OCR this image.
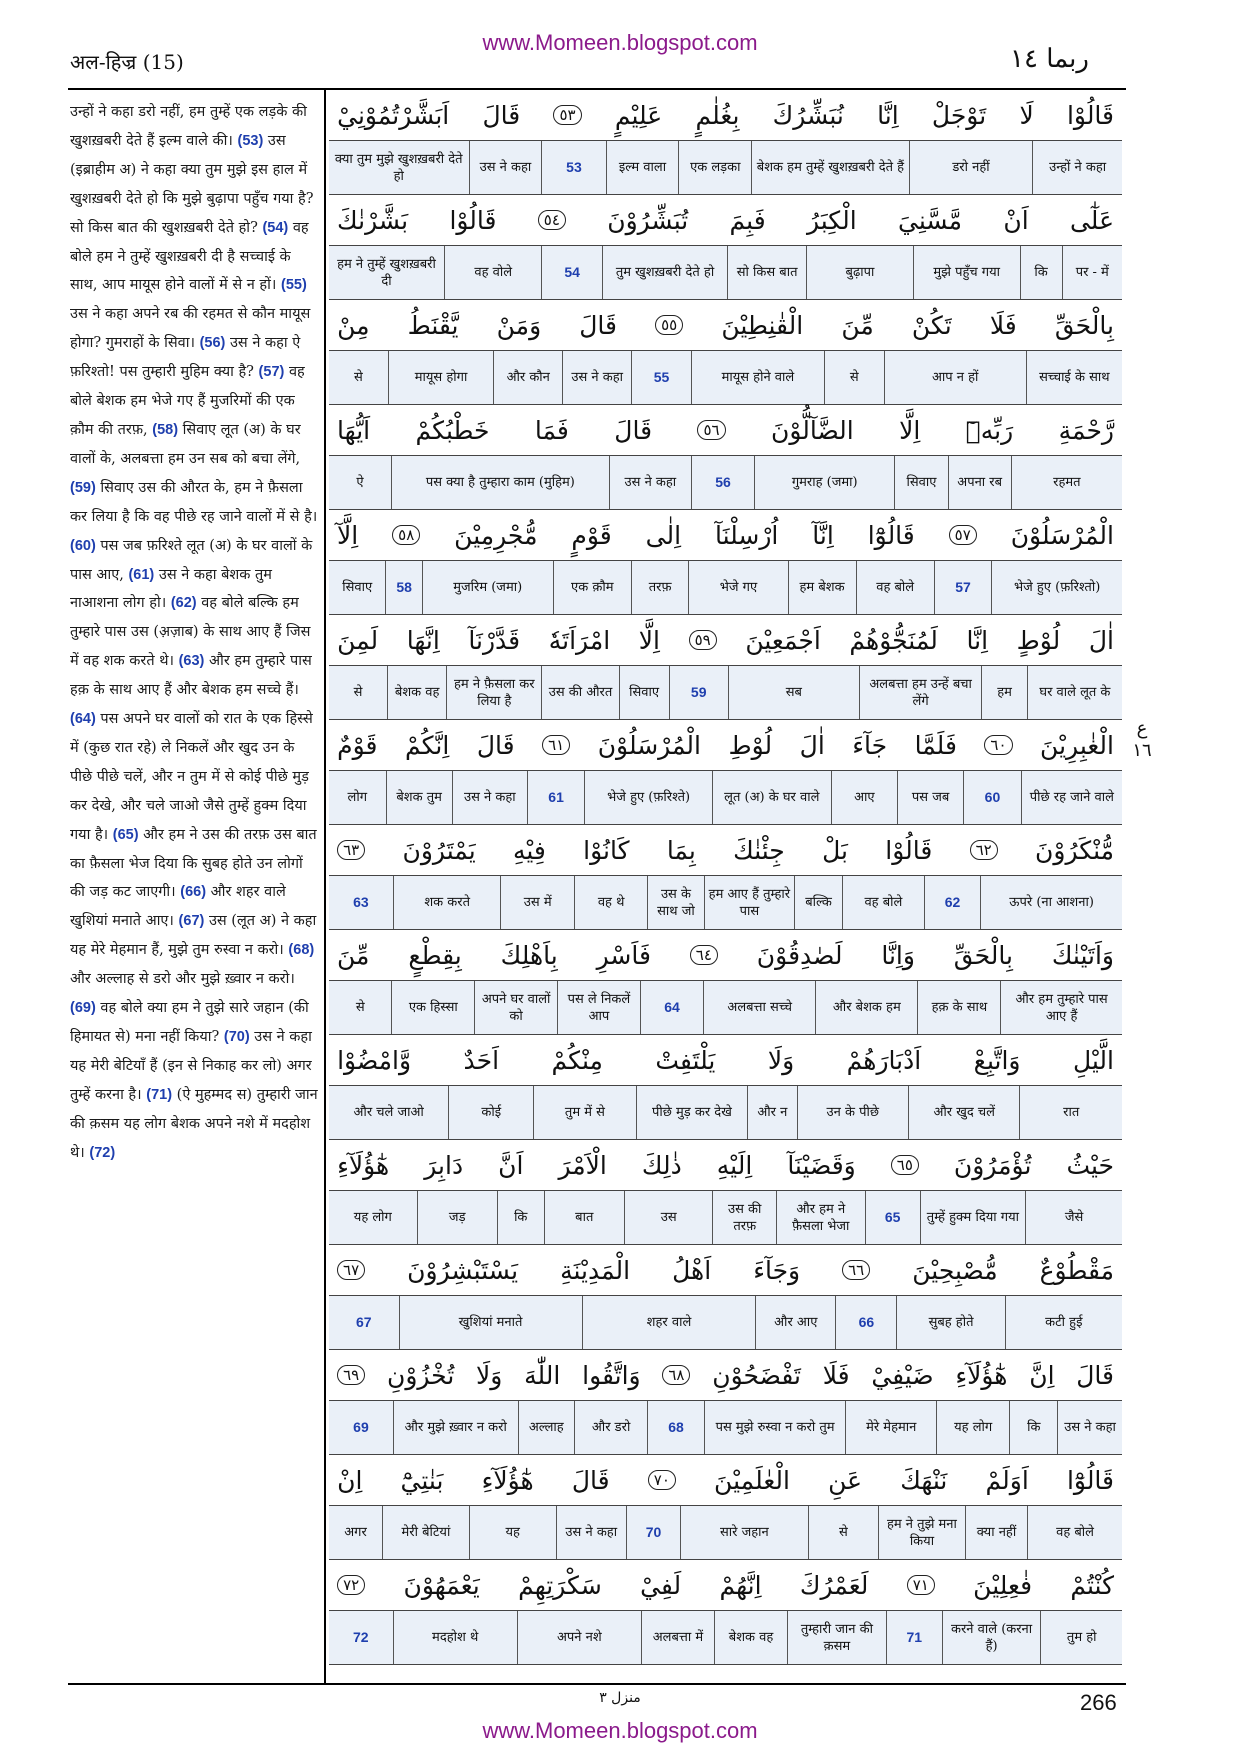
www.Momeen.blogspot.com
अल-हिज्र (15)	ربما ١٤
उन्हों ने कहा डरो नहीं, हम तुम्हें एक लड़के की खुशख़बरी देते हैं इल्म वाले की। (53) उस (इब्राहीम अ) ने कहा क्या तुम मुझे इस हाल में खुशख़बरी देते हो कि मुझे बुढ़ापा पहुँच गया है? सो किस बात की खुशख़बरी देते हो? (54) वह बोले हम ने तुम्हें खुशख़बरी दी है सच्चाई के साथ, आप मायूस होने वालों में से न हों। (55) उस ने कहा अपने रब की रहमत से कौन मायूस होगा? गुमराहों के सिवा। (56) उस ने कहा ऐ फ़रिश्तो! पस तुम्हारी मुहिम क्या है? (57) वह बोले बेशक हम भेजे गए हैं मुजरिमों की एक क़ौम की तरफ़, (58) सिवाए लूत (अ) के घर वालों के, अलबत्ता हम उन सब को बचा लेंगे, (59) सिवाए उस की औरत के, हम ने फ़ैसला कर लिया है कि वह पीछे रह जाने वालों में से है। (60) पस जब फ़रिश्ते लूत (अ) के घर वालों के पास आए, (61) उस ने कहा बेशक तुम नाआशना लोग हो। (62) वह बोले बल्कि हम तुम्हारे पास उस (अ़ज़ाब) के साथ आए हैं जिस में वह शक करते थे। (63) और हम तुम्हारे पास हक़ के साथ आए हैं और बेशक हम सच्चे हैं। (64) पस अपने घर वालों को रात के एक हिस्से में (कुछ रात रहे) ले निकलें और खुद उन के पीछे पीछे चलें, और न तुम में से कोई पीछे मुड़ कर देखे, और चले जाओ जैसे तुम्हें हुक्म दिया गया है। (65) और हम ने उस की तरफ़ उस बात का फ़ैसला भेज दिया कि सुबह होते उन लोगों की जड़ कट जाएगी। (66) और शहर वाले खुशियां मनाते आए। (67) उस (लूत अ) ने कहा यह मेरे मेहमान हैं, मुझे तुम रुस्वा न करो। (68) और अल्लाह से डरो और मुझे ख़्वार न करो। (69) वह बोले क्या हम ने तुझे सारे जहान (की हिमायत से) मना नहीं किया? (70) उस ने कहा यह मेरी बेटियाँ हैं (इन से निकाह कर लो) अगर तुम्हें करना है। (71) (ऐ मुहम्मद स) तुम्हारी जान की क़सम यह लोग बेशक अपने नशे में मदहोश थे। (72)
قَالُوْا
لَا
تَوْجَلْ
اِنَّا
نُبَشِّرُكَ
بِغُلٰمٍ
عَلِيْمٍ
٥٣
قَالَ
اَبَشَّرْتُمُوْنِيْ
उन्हों ने कहा
डरो नहीं
बेशक हम तुम्हें खुशख़बरी देते हैं
एक लड़का
इल्म वाला
53
उस ने कहा
क्या तुम मुझे खुशख़बरी देते हो
عَلٰٓى
اَنْ
مَّسَّنِيَ
الْكِبَرُ
فَبِمَ
تُبَشِّرُوْنَ
٥٤
قَالُوْا
بَشَّرْنٰكَ
पर - में
कि
मुझे पहुँच गया
बुढ़ापा
सो किस बात
तुम खुशख़बरी देते हो
54
वह वोले
हम ने तुम्हें खुशख़बरी दी
بِالْحَقِّ
فَلَا
تَكُنْ
مِّنَ
الْقٰنِطِيْنَ
٥٥
قَالَ
وَمَنْ
يَّقْنَطُ
مِنْ
सच्चाई के साथ
आप न हों
से
मायूस होने वाले
55
उस ने कहा
और कौन
मायूस होगा
से
رَّحْمَةِ
رَبِّهٖٓ
اِلَّا
الضَّآلُّوْنَ
٥٦
قَالَ
فَمَا
خَطْبُكُمْ
اَيُّهَا
रहमत
अपना रब
सिवाए
गुमराह (जमा)
56
उस ने कहा
पस क्या है तुम्हारा काम (मुहिम)
ऐ
الْمُرْسَلُوْنَ
٥٧
قَالُوْٓا
اِنَّآ
اُرْسِلْنَآ
اِلٰى
قَوْمٍ
مُّجْرِمِيْنَ
٥٨
اِلَّآ
भेजे हुए (फ़रिश्तो)
57
वह बोले
हम बेशक
भेजे गए
तरफ़
एक क़ौम
मुजरिम (जमा)
58
सिवाए
اٰلَ
لُوْطٍ
اِنَّا
لَمُنَجُّوْهُمْ
اَجْمَعِيْنَ
٥٩
اِلَّا
امْرَاَتَهٗ
قَدَّرْنَآ
اِنَّهَا
لَمِنَ
घर वाले लूत के
हम
अलबत्ता हम उन्हें बचा लेंगे
सब
59
सिवाए
उस की औरत
हम ने फ़ैसला कर लिया है
बेशक वह
से
الْغٰبِرِيْنَ
٦٠
فَلَمَّا
جَآءَ
اٰلَ
لُوْطِ
الْمُرْسَلُوْنَ
٦١
قَالَ
اِنَّكُمْ
قَوْمٌ
पीछे रह जाने वाले
60
पस जब
आए
लूत (अ) के घर वाले
भेजे हुए (फ़रिश्ते)
61
उस ने कहा
बेशक तुम
लोग
مُّنْكَرُوْنَ
٦٢
قَالُوْا
بَلْ
جِئْنٰكَ
بِمَا
كَانُوْا
فِيْهِ
يَمْتَرُوْنَ
٦٣
ऊपरे (ना आशना)
62
वह बोले
बल्कि
हम आए हैं तुम्हारे पास
उस के साथ जो
वह थे
उस में
शक करते
63
وَاَتَيْنٰكَ
بِالْحَقِّ
وَاِنَّا
لَصٰدِقُوْنَ
٦٤
فَاَسْرِ
بِاَهْلِكَ
بِقِطْعٍ
مِّنَ
और हम तुम्हारे पास आए हैं
हक़ के साथ
और बेशक हम
अलबत्ता सच्चे
64
पस ले निकलें आप
अपने घर वालों को
एक हिस्सा
से
الَّيْلِ
وَاتَّبِعْ
اَدْبَارَهُمْ
وَلَا
يَلْتَفِتْ
مِنْكُمْ
اَحَدٌ
وَّامْضُوْا
रात
और खुद चलें
उन के पीछे
और न
पीछे मुड़ कर देखे
तुम में से
कोई
और चले जाओ
حَيْثُ
تُؤْمَرُوْنَ
٦٥
وَقَضَيْنَآ
اِلَيْهِ
ذٰلِكَ
الْاَمْرَ
اَنَّ
دَابِرَ
هٰٓؤُلَآءِ
जैसे
तुम्हें हुक्म दिया गया
65
और हम ने फ़ैसला भेजा
उस की तरफ़
उस
बात
कि
जड़
यह लोग
مَقْطُوْعٌ
مُّصْبِحِيْنَ
٦٦
وَجَآءَ
اَهْلُ
الْمَدِيْنَةِ
يَسْتَبْشِرُوْنَ
٦٧
कटी हुई
सुबह होते
66
और आए
शहर वाले
खुशियां मनाते
67
قَالَ
اِنَّ
هٰٓؤُلَآءِ
ضَيْفِيْ
فَلَا
تَفْضَحُوْنِ
٦٨
وَاتَّقُوا
اللّٰهَ
وَلَا
تُخْزُوْنِ
٦٩
उस ने कहा
कि
यह लोग
मेरे मेहमान
पस मुझे रुस्वा न करो तुम
68
और डरो
अल्लाह
और मुझे ख़्वार न करो
69
قَالُوْٓا
اَوَلَمْ
نَنْهَكَ
عَنِ
الْعٰلَمِيْنَ
٧٠
قَالَ
هٰٓؤُلَآءِ
بَنٰتِيْٓ
اِنْ
वह बोले
क्या नहीं
हम ने तुझे मना किया
से
सारे जहान
70
उस ने कहा
यह
मेरी बेटियां
अगर
كُنْتُمْ
فٰعِلِيْنَ
٧١
لَعَمْرُكَ
اِنَّهُمْ
لَفِيْ
سَكْرَتِهِمْ
يَعْمَهُوْنَ
٧٢
तुम हो
करने वाले (करना हैं)
71
तुम्हारी जान की क़सम
बेशक वह
अलबत्ता में
अपने नशे
मदहोश थे
72
ع ١٦
منزل ٣	266
www.Momeen.blogspot.com
